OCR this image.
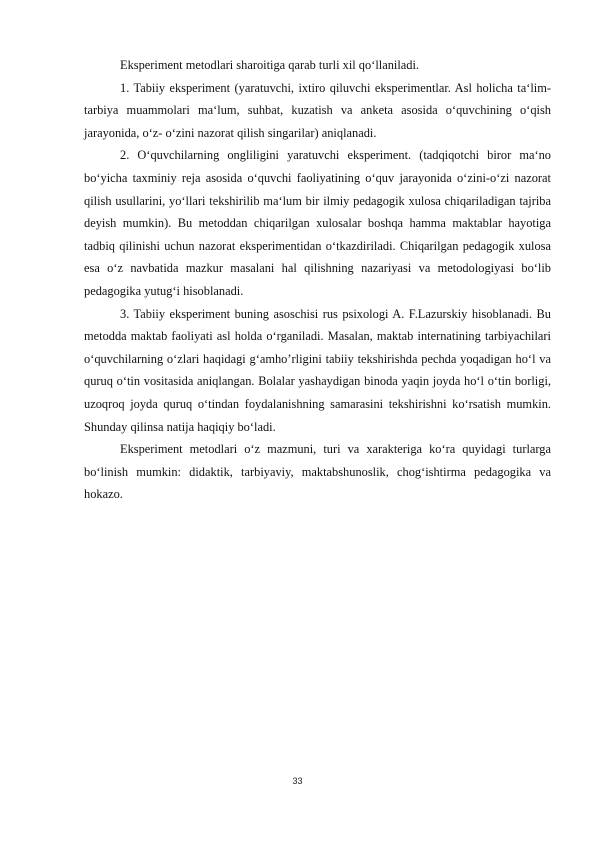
Eksperiment metodlari sharoitiga qarab turli xil qo‘llaniladi.

1. Tabiiy eksperiment (yaratuvchi, ixtiro qiluvchi eksperimentlar. Asl holicha ta‘lim-tarbiya muammolari ma‘lum, suhbat, kuzatish va anketa asosida o‘quvchining o‘qish jarayonida, o‘z- o‘zini nazorat qilish singarilar) aniqlanadi.

2. O‘quvchilarning ongliligini yaratuvchi eksperiment. (tadqiqotchi biror ma‘no bo‘yicha taxminiy reja asosida o‘quvchi faoliyatining o‘quv jarayonida o‘zini-o‘zi nazorat qilish usullarini, yo‘llari tekshirilib ma‘lum bir ilmiy pedagogik xulosa chiqariladigan tajriba deyish mumkin). Bu metoddan chiqarilgan xulosalar boshqa hamma maktablar hayotiga tadbiq qilinishi uchun nazorat eksperimentidan o‘tkazdiriladi. Chiqarilgan pedagogik xulosa esa o‘z navbatida mazkur masalani hal qilishning nazariyasi va metodologiyasi bo‘lib pedagogika yutug‘i hisoblanadi.

3. Tabiiy eksperiment buning asoschisi rus psixologi A. F.Lazurskiy hisoblanadi. Bu metodda maktab faoliyati asl holda o‘rganiladi. Masalan, maktab internatining tarbiyachilari o‘quvchilarning o‘zlari haqidagi g‘amho’rligini tabiiy tekshirishda pechda yoqadigan ho‘l va quruq o‘tin vositasida aniqlangan. Bolalar yashaydigan binoda yaqin joyda ho‘l o‘tin borligi, uzoqroq joyda quruq o‘tindan foydalanishning samarasini tekshirishni ko‘rsatish mumkin. Shunday qilinsa natija haqiqiy bo‘ladi.

Eksperiment metodlari o‘z mazmuni, turi va xarakteriga ko‘ra quyidagi turlarga bo‘linish mumkin: didaktik, tarbiyaviy, maktabshunoslik, chog‘ishtirma pedagogika va hokazo.

33
